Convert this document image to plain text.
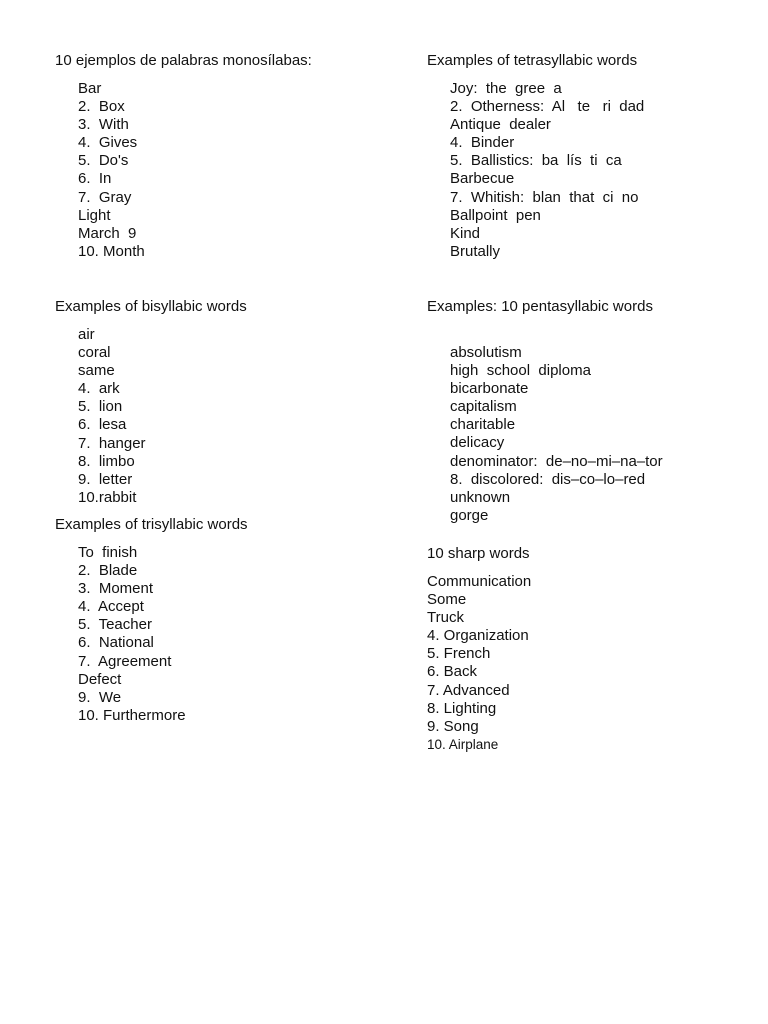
10 ejemplos de palabras monosílabas:
Bar
2.  Box
3.  With
4.  Gives
5.  Do's
6.  In
7.  Gray
Light
March  9
10. Month
Examples of bisyllabic words
air
coral
same
4.  ark
5.  lion
6.  lesa
7.  hanger
8.  limbo
9.  letter
10.rabbit
Examples of trisyllabic words
To  finish
2.  Blade
3.  Moment
4.  Accept
5.  Teacher
6.  National
7.  Agreement
Defect
9.  We
10. Furthermore
Examples of tetrasyllabic words
Joy:  the  gree  a
2.  Otherness:  Al   te   ri  dad
Antique  dealer
4.  Binder
5.  Ballistics:  ba  lís  ti  ca
Barbecue
7.  Whitish:  blan  that  ci  no
Ballpoint  pen
Kind
Brutally
Examples: 10 pentasyllabic words
absolutism
high  school  diploma
bicarbonate
capitalism
charitable
delicacy
denominator:  de–no–mi–na–tor
8.  discolored:  dis–co–lo–red
unknown
gorge
10 sharp words
Communication
Some
Truck
4. Organization
5. French
6. Back
7. Advanced
8. Lighting
9. Song
10. Airplane
